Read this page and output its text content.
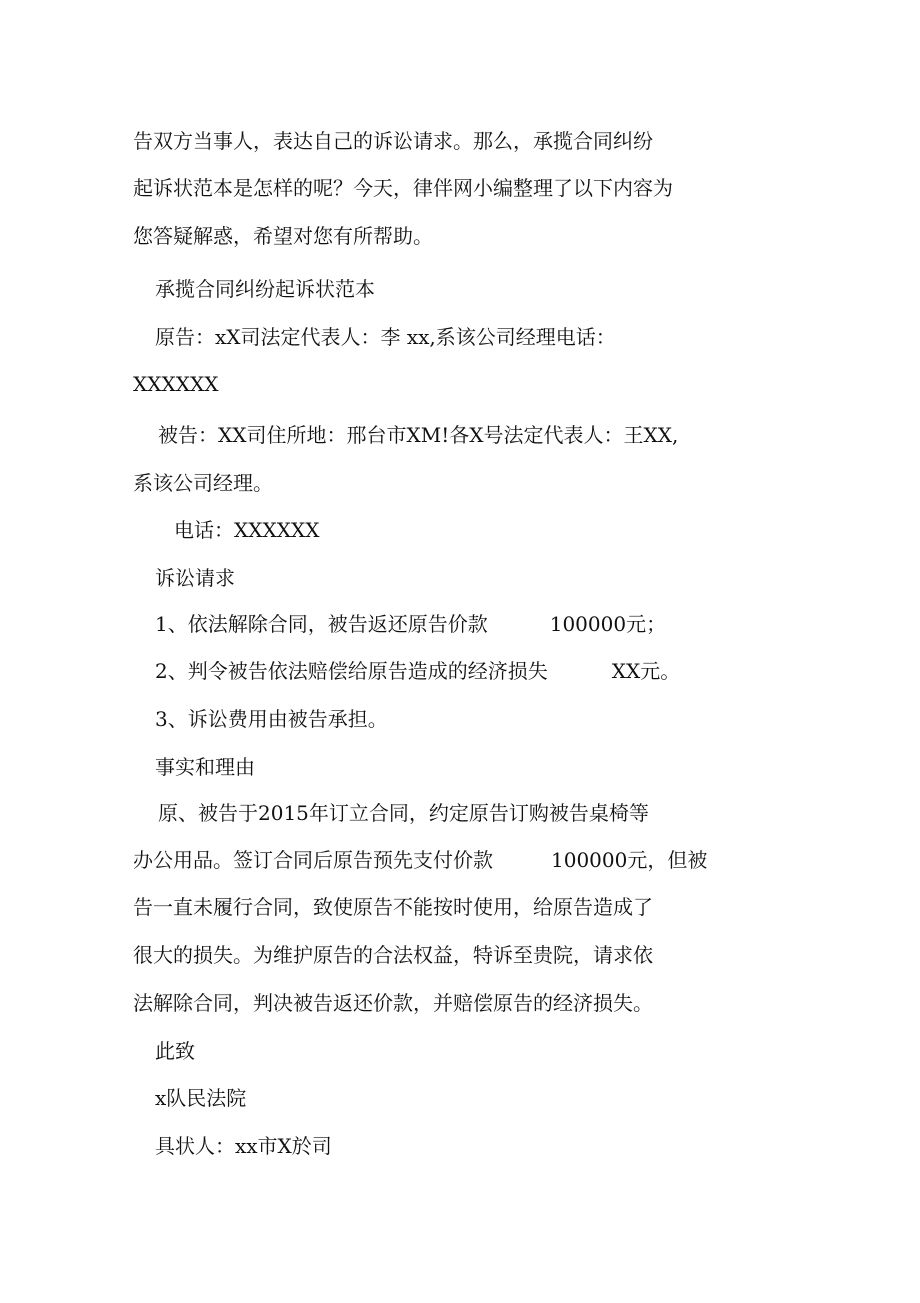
告双方当事人，表达自己的诉讼请求。那么，承揽合同纠纷
起诉状范本是怎样的呢？今天，律伴网小编整理了以下内容为
您答疑解惑，希望对您有所帮助。
承揽合同纠纷起诉状范本
原告：xX司法定代表人：李 xx,系该公司经理电话：
XXXXXX
被告：XX司住所地：邢台市XM!各X号法定代表人：王XX,
系该公司经理。
电话：XXXXXX
诉讼请求
1、依法解除合同，被告返还原告价款	100000元；
2、判令被告依法赔偿给原告造成的经济损失	XX元。
3、诉讼费用由被告承担。
事实和理由
原、被告于2015年订立合同，约定原告订购被告桌椅等
办公用品。签订合同后原告预先支付价款	100000元，但被
告一直未履行合同，致使原告不能按时使用，给原告造成了
很大的损失。为维护原告的合法权益，特诉至贵院，请求依
法解除合同，判决被告返还价款，并赔偿原告的经济损失。
此致
x队民法院
具状人：xx市X於司
